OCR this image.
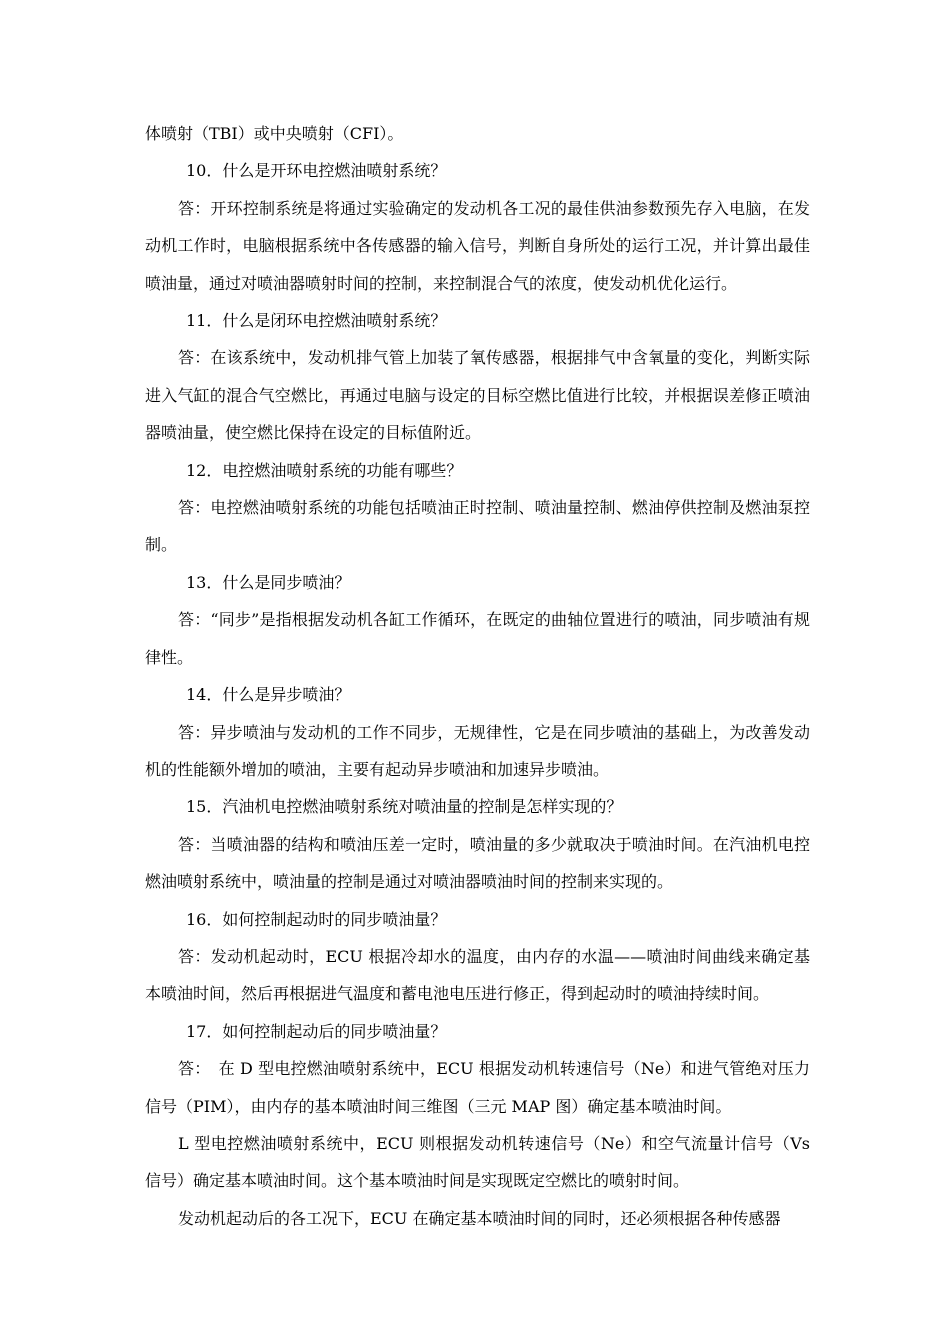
体喷射（TBI）或中央喷射（CFI）。

10．什么是开环电控燃油喷射系统？

答：开环控制系统是将通过实验确定的发动机各工况的最佳供油参数预先存入电脑，在发动机工作时，电脑根据系统中各传感器的输入信号，判断自身所处的运行工况，并计算出最佳喷油量，通过对喷油器喷射时间的控制，来控制混合气的浓度，使发动机优化运行。

11．什么是闭环电控燃油喷射系统？

答：在该系统中，发动机排气管上加装了氧传感器，根据排气中含氧量的变化，判断实际进入气缸的混合气空燃比，再通过电脑与设定的目标空燃比值进行比较，并根据误差修正喷油器喷油量，使空燃比保持在设定的目标值附近。

12．电控燃油喷射系统的功能有哪些？

答：电控燃油喷射系统的功能包括喷油正时控制、喷油量控制、燃油停供控制及燃油泵控制。

13．什么是同步喷油？

答：“同步”是指根据发动机各缸工作循环，在既定的曲轴位置进行的喷油，同步喷油有规律性。

14．什么是异步喷油？

答：异步喷油与发动机的工作不同步，无规律性，它是在同步喷油的基础上，为改善发动机的性能额外增加的喷油，主要有起动异步喷油和加速异步喷油。

15．汽油机电控燃油喷射系统对喷油量的控制是怎样实现的？

答：当喷油器的结构和喷油压差一定时，喷油量的多少就取决于喷油时间。在汽油机电控燃油喷射系统中，喷油量的控制是通过对喷油器喷油时间的控制来实现的。

16．如何控制起动时的同步喷油量？

答：发动机起动时，ECU 根据冷却水的温度，由内存的水温——喷油时间曲线来确定基本喷油时间，然后再根据进气温度和蓄电池电压进行修正，得到起动时的喷油持续时间。

17．如何控制起动后的同步喷油量？

答：　在 D 型电控燃油喷射系统中，ECU 根据发动机转速信号（Ne）和进气管绝对压力信号（PIM），由内存的基本喷油时间三维图（三元 MAP 图）确定基本喷油时间。

L 型电控燃油喷射系统中，ECU 则根据发动机转速信号（Ne）和空气流量计信号（Vs 信号）确定基本喷油时间。这个基本喷油时间是实现既定空燃比的喷射时间。

发动机起动后的各工况下，ECU 在确定基本喷油时间的同时，还必须根据各种传感器
